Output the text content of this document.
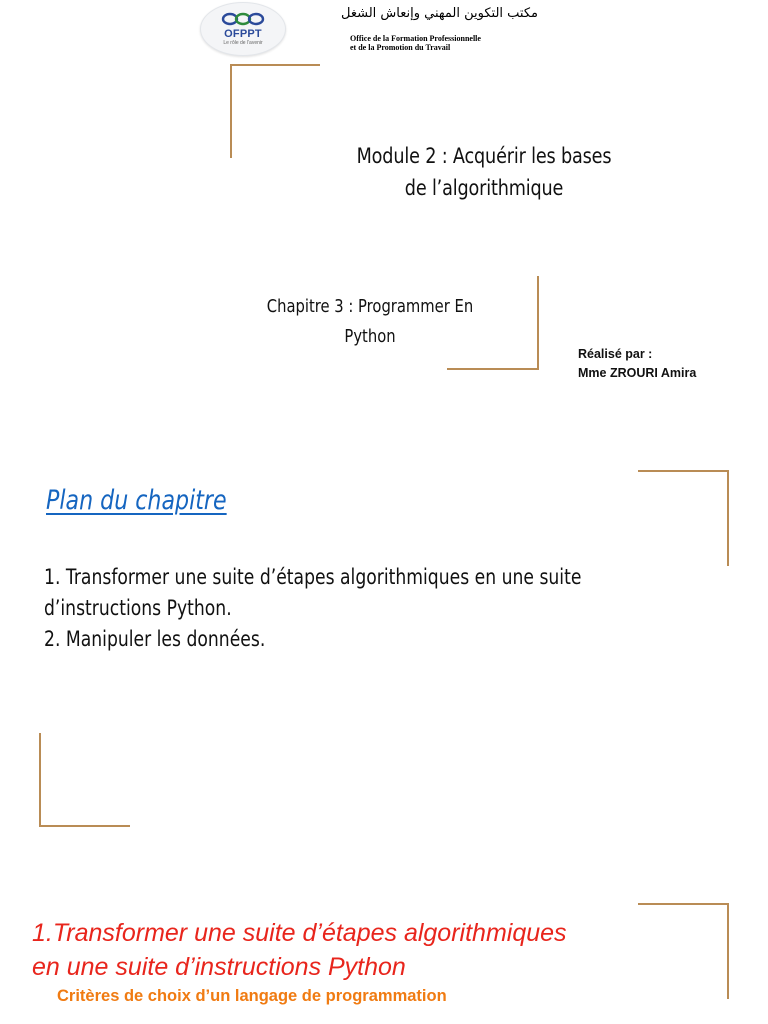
OFPPT
Le rôle de l'avenir
مكتب التكوين المهني وإنعاش الشغل
Office de la Formation Professionnelle
et de la Promotion du Travail
Module 2 : Acquérir les bases
de l’algorithmique
Chapitre 3 : Programmer En
Python
Réalisé par :
Mme ZROURI Amira
Plan du chapitre
1. Transformer une suite d’étapes algorithmiques en une suite
d’instructions Python.
2. Manipuler les données.
1.Transformer une suite d’étapes algorithmiques
en une suite d’instructions Python
Critères de choix d’un langage de programmation
